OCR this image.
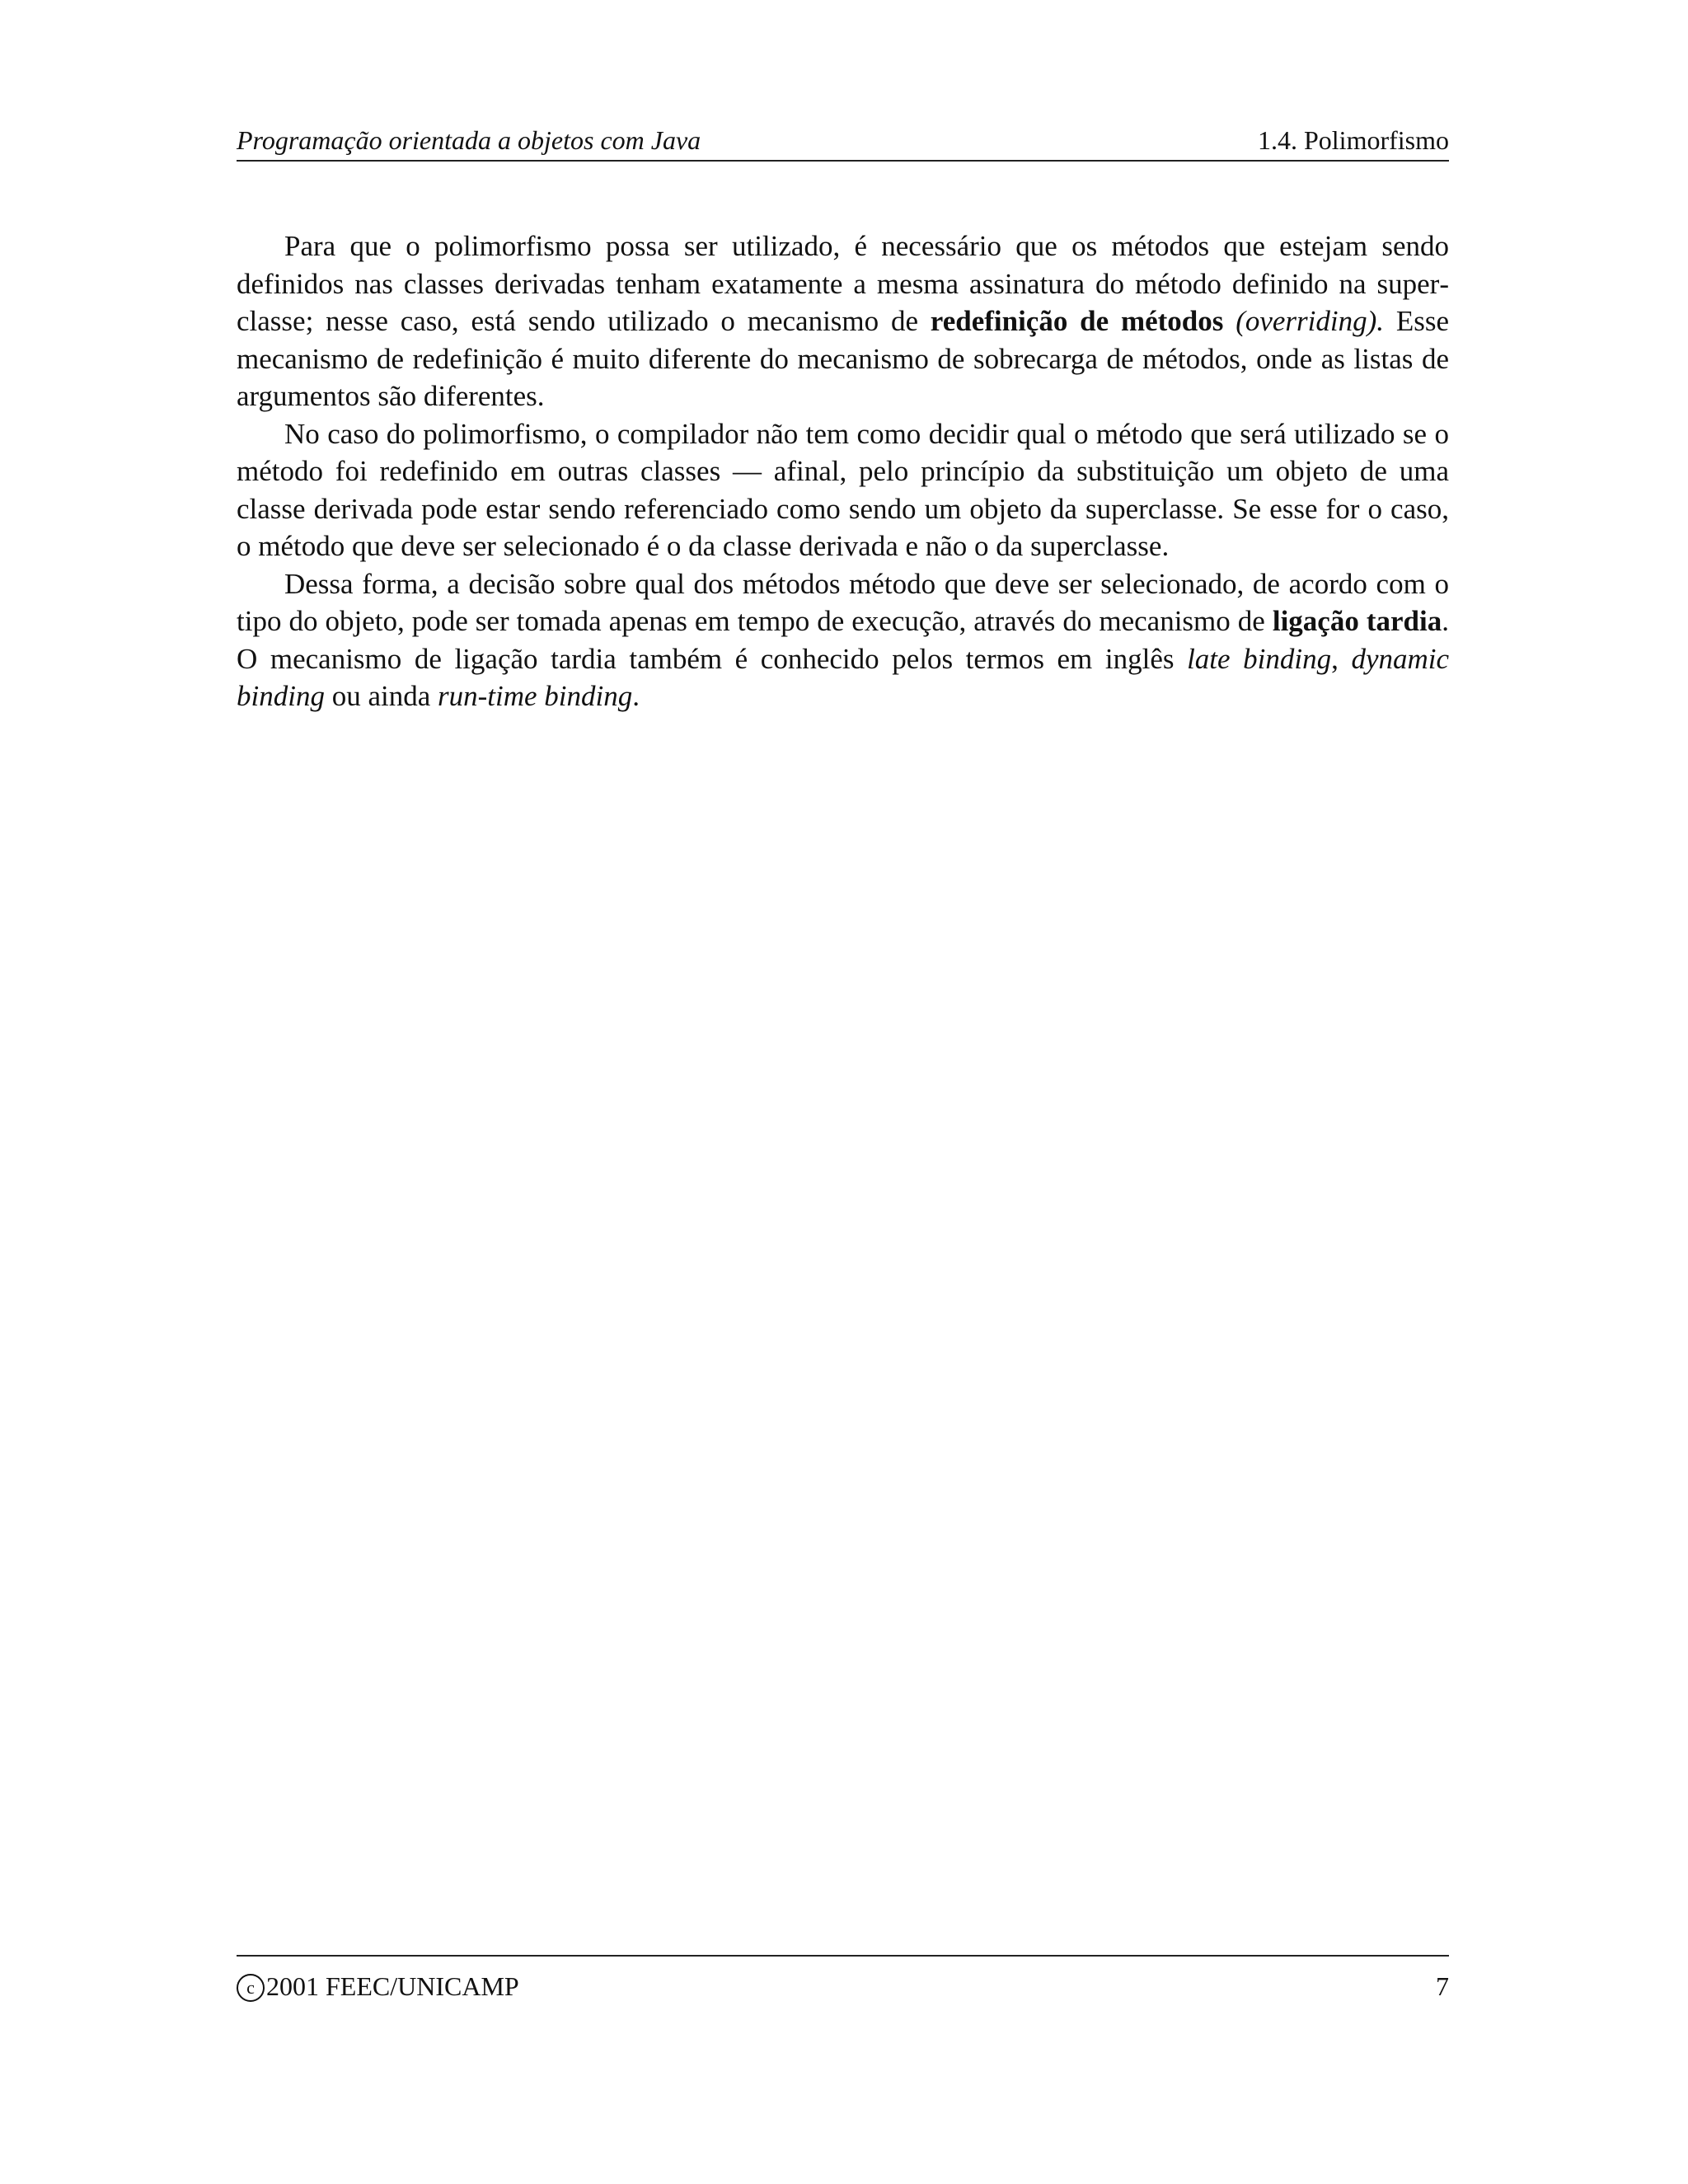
Programação orientada a objetos com Java	1.4. Polimorfismo

Para que o polimorfismo possa ser utilizado, é necessário que os métodos que estejam sendo definidos nas classes derivadas tenham exatamente a mesma assinatura do método definido na superclasse; nesse caso, está sendo utilizado o mecanismo de redefinição de métodos (overriding). Esse mecanismo de redefinição é muito diferente do mecanismo de sobrecarga de métodos, onde as listas de argumentos são diferentes.

No caso do polimorfismo, o compilador não tem como decidir qual o método que será utilizado se o método foi redefinido em outras classes — afinal, pelo princípio da substituição um objeto de uma classe derivada pode estar sendo referenciado como sendo um objeto da superclasse. Se esse for o caso, o método que deve ser selecionado é o da classe derivada e não o da superclasse.

Dessa forma, a decisão sobre qual dos métodos método que deve ser selecionado, de acordo com o tipo do objeto, pode ser tomada apenas em tempo de execução, através do mecanismo de ligação tardia. O mecanismo de ligação tardia também é conhecido pelos termos em inglês late binding, dynamic binding ou ainda run-time binding.

c 2001 FEEC/UNICAMP	7
